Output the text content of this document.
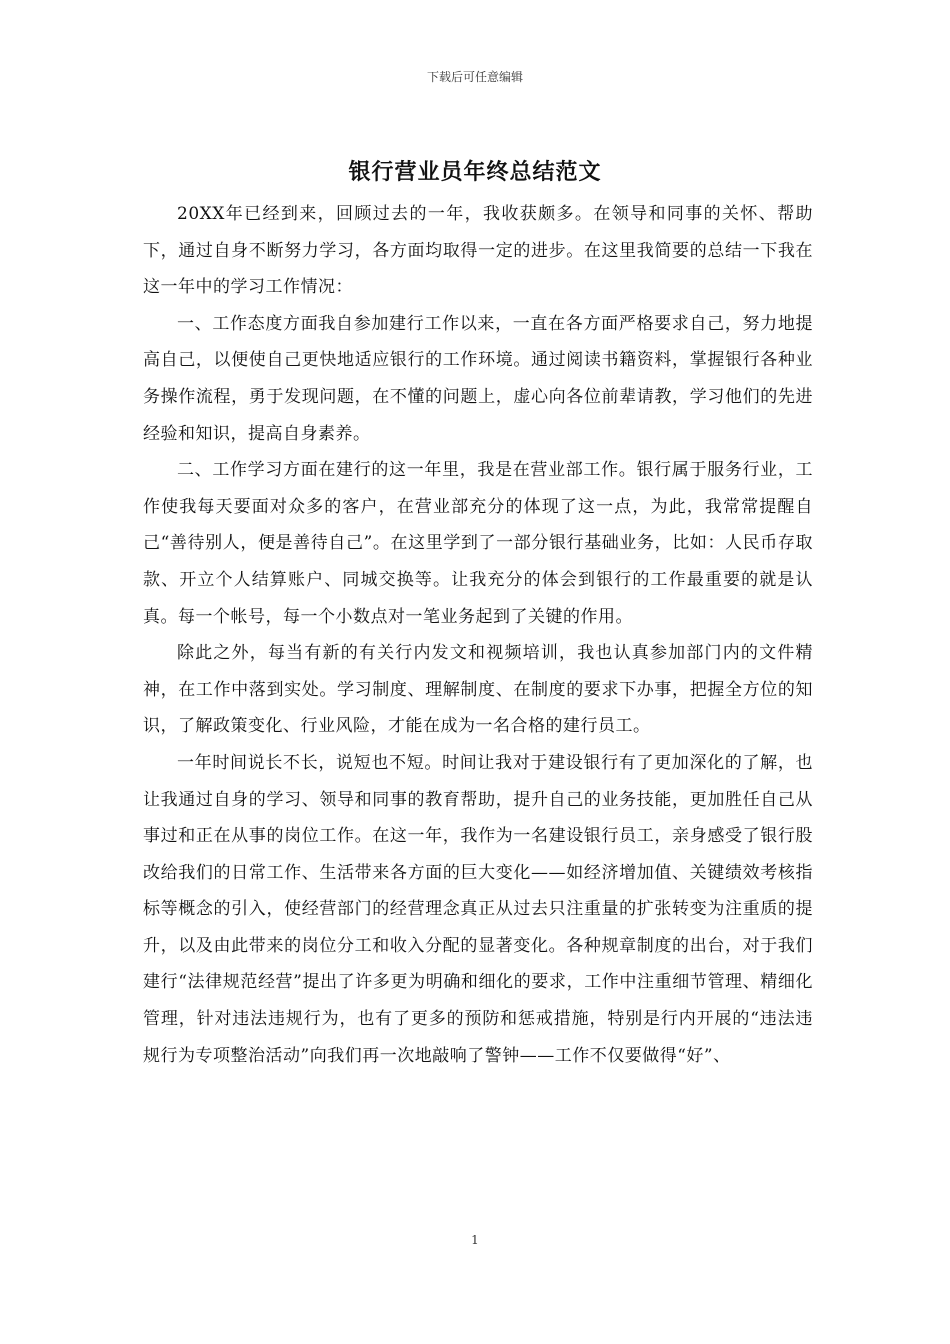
下载后可任意编辑
银行营业员年终总结范文

20XX年已经到来，回顾过去的一年，我收获颇多。在领导和同事的关怀、帮助下，通过自身不断努力学习，各方面均取得一定的进步。在这里我简要的总结一下我在这一年中的学习工作情况：

一、工作态度方面我自参加建行工作以来，一直在各方面严格要求自己，努力地提高自己，以便使自己更快地适应银行的工作环境。通过阅读书籍资料，掌握银行各种业务操作流程，勇于发现问题，在不懂的问题上，虚心向各位前辈请教，学习他们的先进经验和知识，提高自身素养。

二、工作学习方面在建行的这一年里，我是在营业部工作。银行属于服务行业，工作使我每天要面对众多的客户，在营业部充分的体现了这一点，为此，我常常提醒自己“善待别人，便是善待自己”。在这里学到了一部分银行基础业务，比如：人民币存取款、开立个人结算账户、同城交换等。让我充分的体会到银行的工作最重要的就是认真。每一个帐号，每一个小数点对一笔业务起到了关键的作用。

除此之外，每当有新的有关行内发文和视频培训，我也认真参加部门内的文件精神，在工作中落到实处。学习制度、理解制度、在制度的要求下办事，把握全方位的知识，了解政策变化、行业风险，才能在成为一名合格的建行员工。

一年时间说长不长，说短也不短。时间让我对于建设银行有了更加深化的了解，也让我通过自身的学习、领导和同事的教育帮助，提升自己的业务技能，更加胜任自己从事过和正在从事的岗位工作。在这一年，我作为一名建设银行员工，亲身感受了银行股改给我们的日常工作、生活带来各方面的巨大变化——如经济增加值、关键绩效考核指标等概念的引入，使经营部门的经营理念真正从过去只注重量的扩张转变为注重质的提升，以及由此带来的岗位分工和收入分配的显著变化。各种规章制度的出台，对于我们建行“法律规范经营”提出了许多更为明确和细化的要求，工作中注重细节管理、精细化管理，针对违法违规行为，也有了更多的预防和惩戒措施，特别是行内开展的“违法违规行为专项整治活动”向我们再一次地敲响了警钟——工作不仅要做得“好”、

1
